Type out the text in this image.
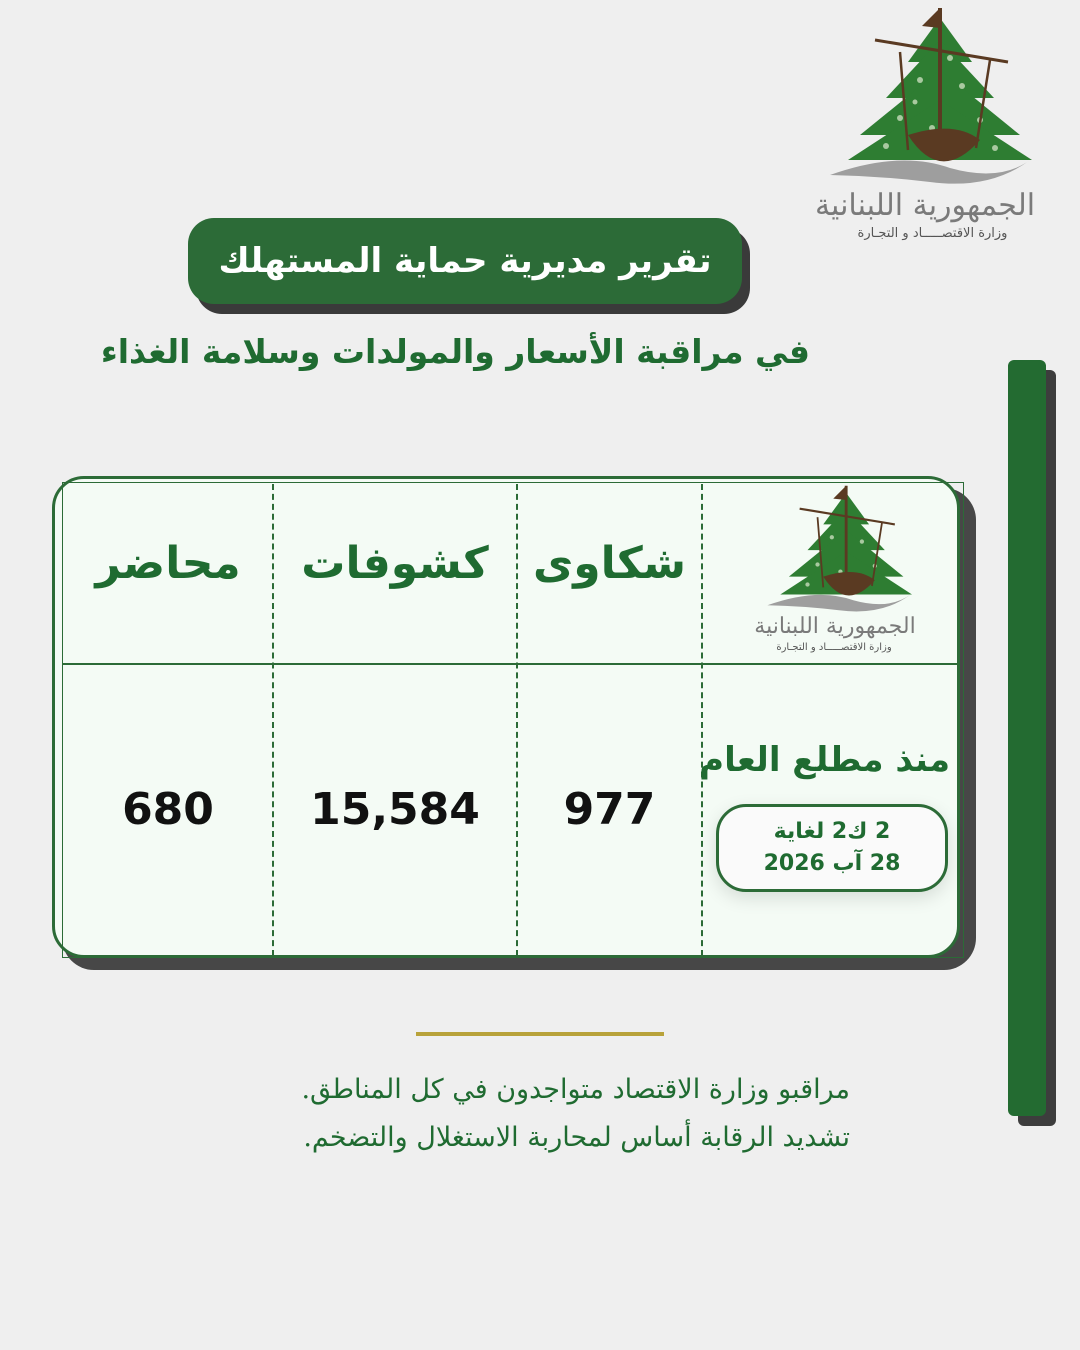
الجمهورية اللبنانية
وزارة الاقتصـــــاد و التجـارة
تقرير مديرية حماية المستهلك
في مراقبة الأسعار والمولدات وسلامة الغذاء
الجمهورية اللبنانية
وزارة الاقتصـــــاد و التجـارة
شكاوى
كشوفات
محاضر
977
15,584
680
منذ مطلع العام
2 ك2 لغاية
28 آب 2026
مراقبو وزارة الاقتصاد متواجدون في كل المناطق.
تشديد الرقابة أساس لمحاربة الاستغلال والتضخم.
